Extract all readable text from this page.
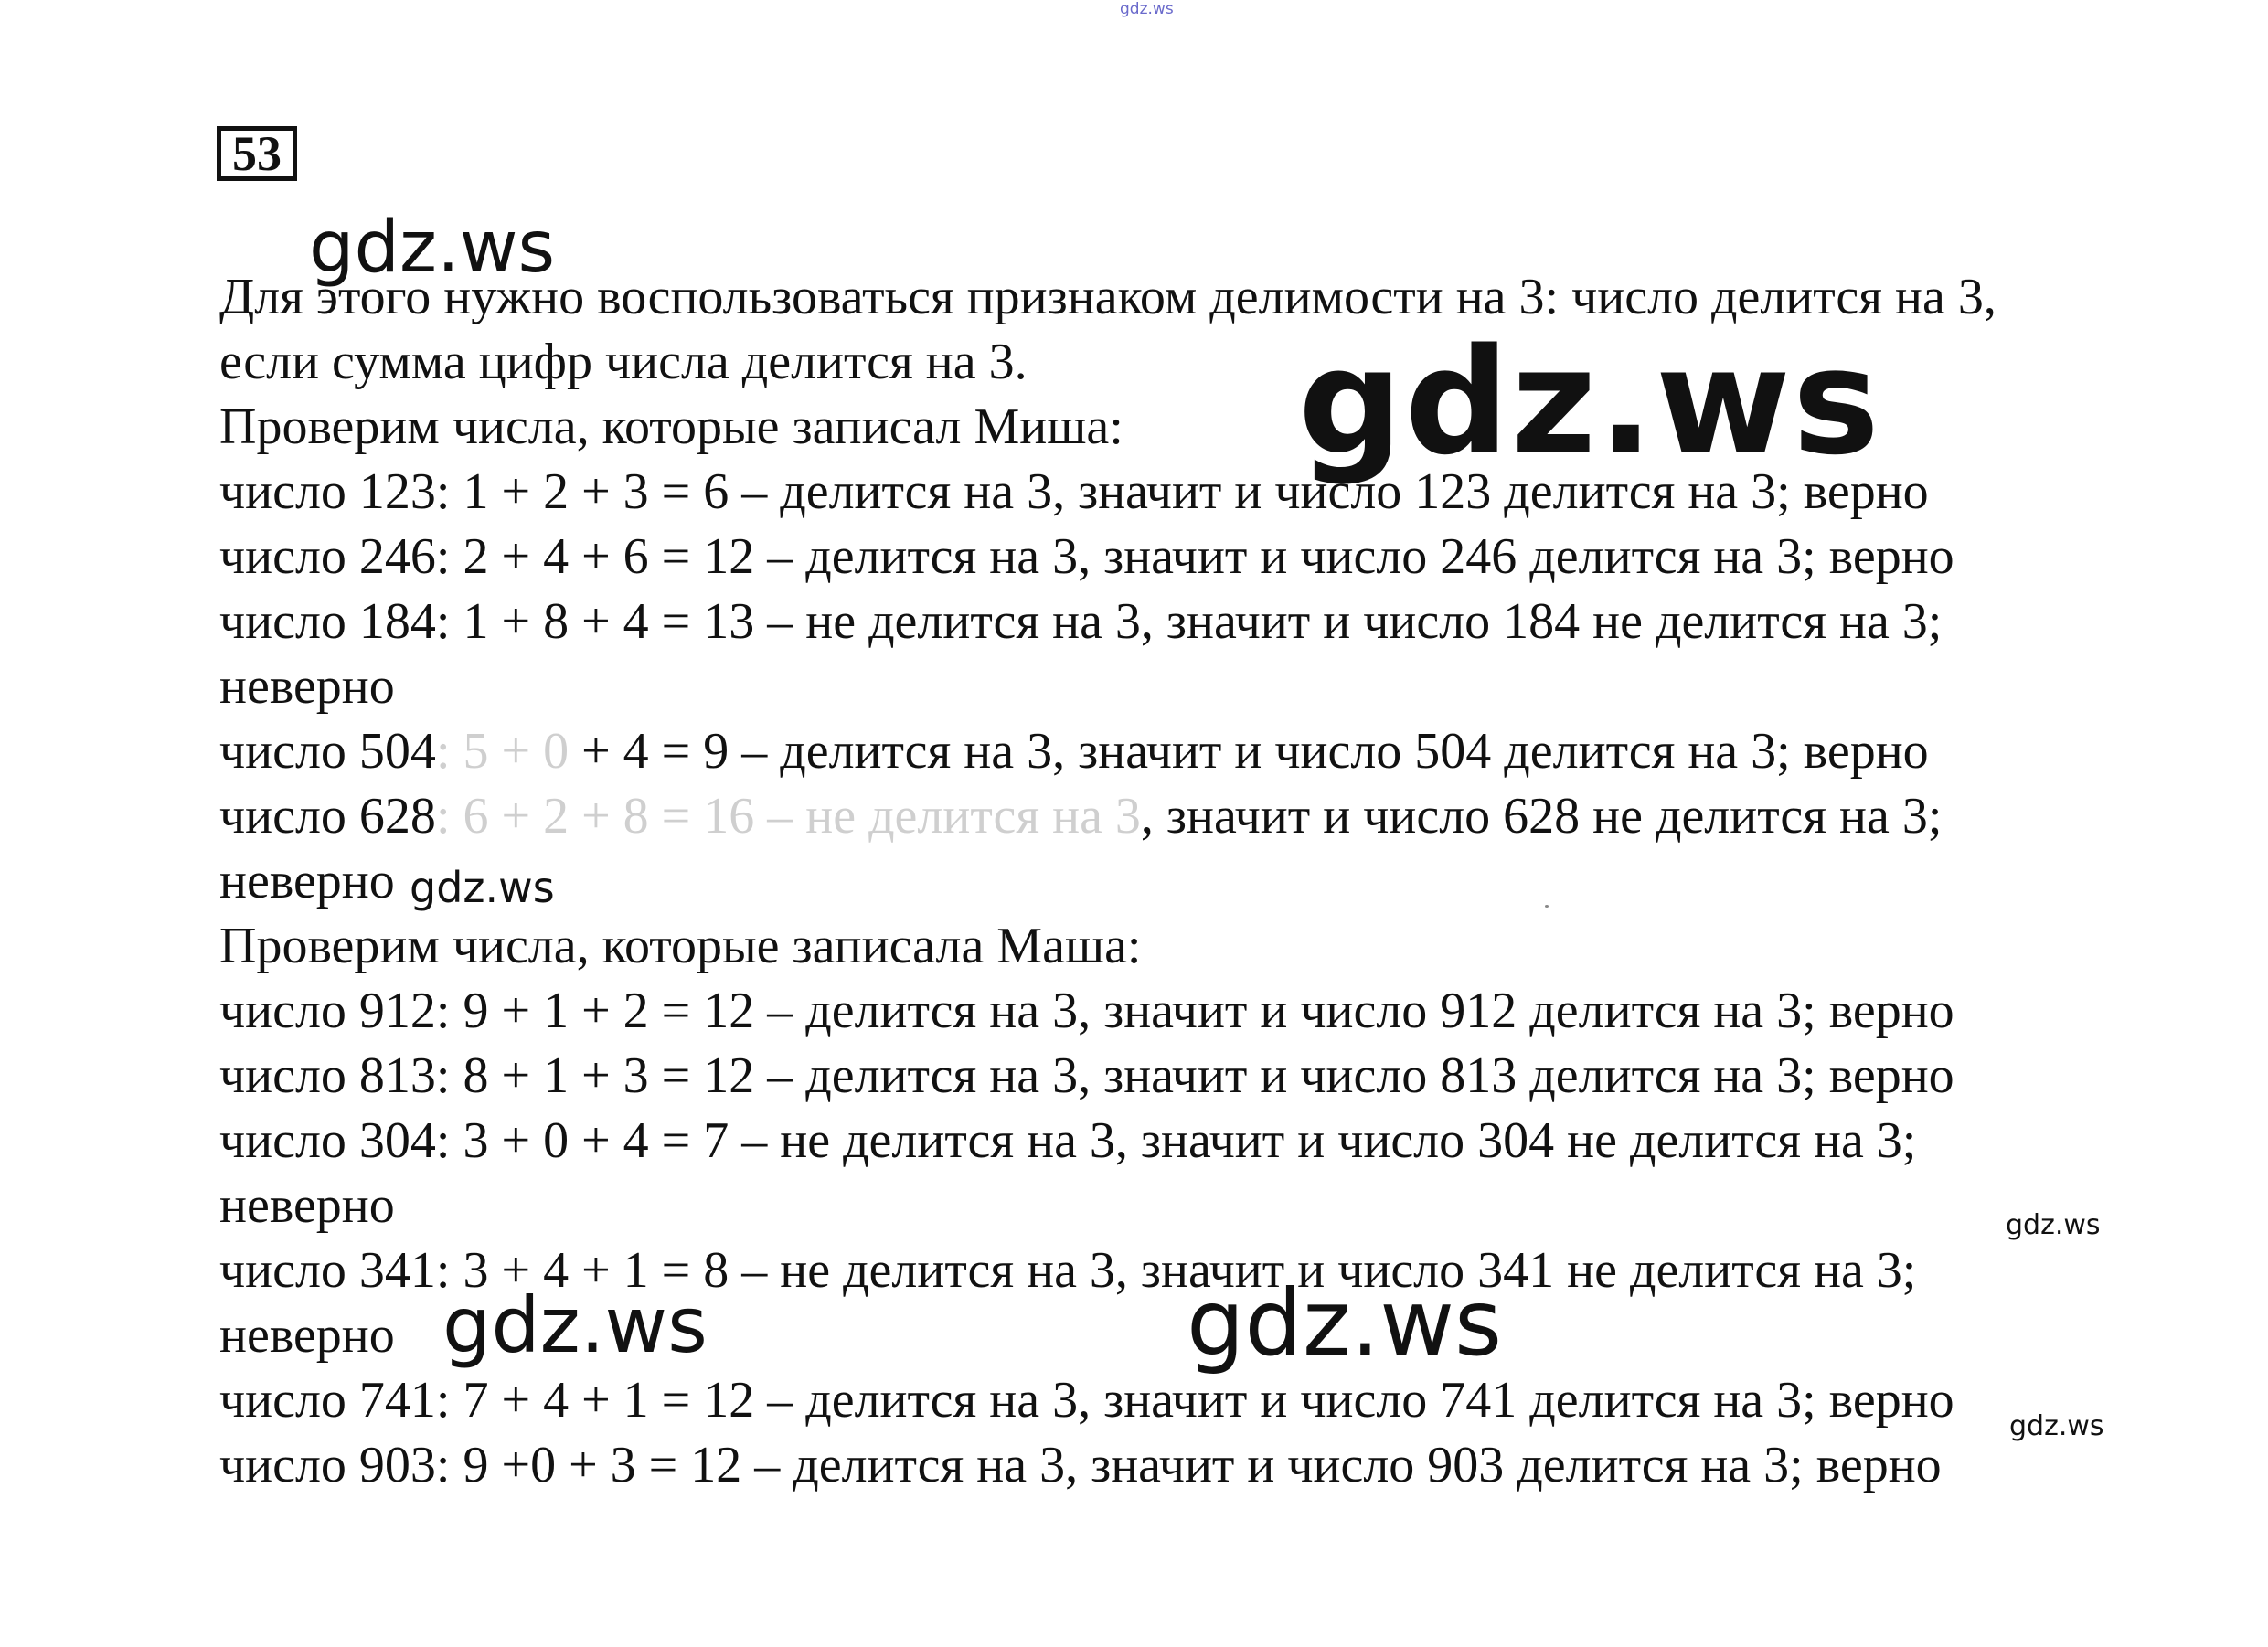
gdz.ws
53
Для этого нужно воспользоваться признаком делимости на 3: число делится на 3,
если сумма цифр числа делится на 3.
Проверим числа, которые записал Миша:
число 123: 1 + 2 + 3 = 6 – делится на 3, значит и число 123 делится на 3; верно
число 246: 2 + 4 + 6 = 12 – делится на 3, значит и число 246 делится на 3; верно
число 184: 1 + 8 + 4 = 13 – не делится на 3, значит и число 184 не делится на 3;
неверно
число 504: 5 + 0 + 4 = 9 – делится на 3, значит и число 504 делится на 3; верно
число 628: 6 + 2 + 8 = 16 – не делится на 3, значит и число 628 не делится на 3;
неверно
Проверим числа, которые записала Маша:
число 912: 9 + 1 + 2 = 12 – делится на 3, значит и число 912 делится на 3; верно
число 813: 8 + 1 + 3 = 12 – делится на 3, значит и число 813 делится на 3; верно
число 304: 3 + 0 + 4 = 7 – не делится на 3, значит и число 304 не делится на 3;
неверно
число 341: 3 + 4 + 1 = 8 – не делится на 3, значит и число 341 не делится на 3;
неверно
число 741: 7 + 4 + 1 = 12 – делится на 3, значит и число 741 делится на 3; верно
число 903: 9 +0 + 3 = 12 – делится на 3, значит и число 903 делится на 3; верно
gdz.ws
gdz.ws
gdz.ws
gdz.ws
gdz.ws	gdz.ws
gdz.ws
